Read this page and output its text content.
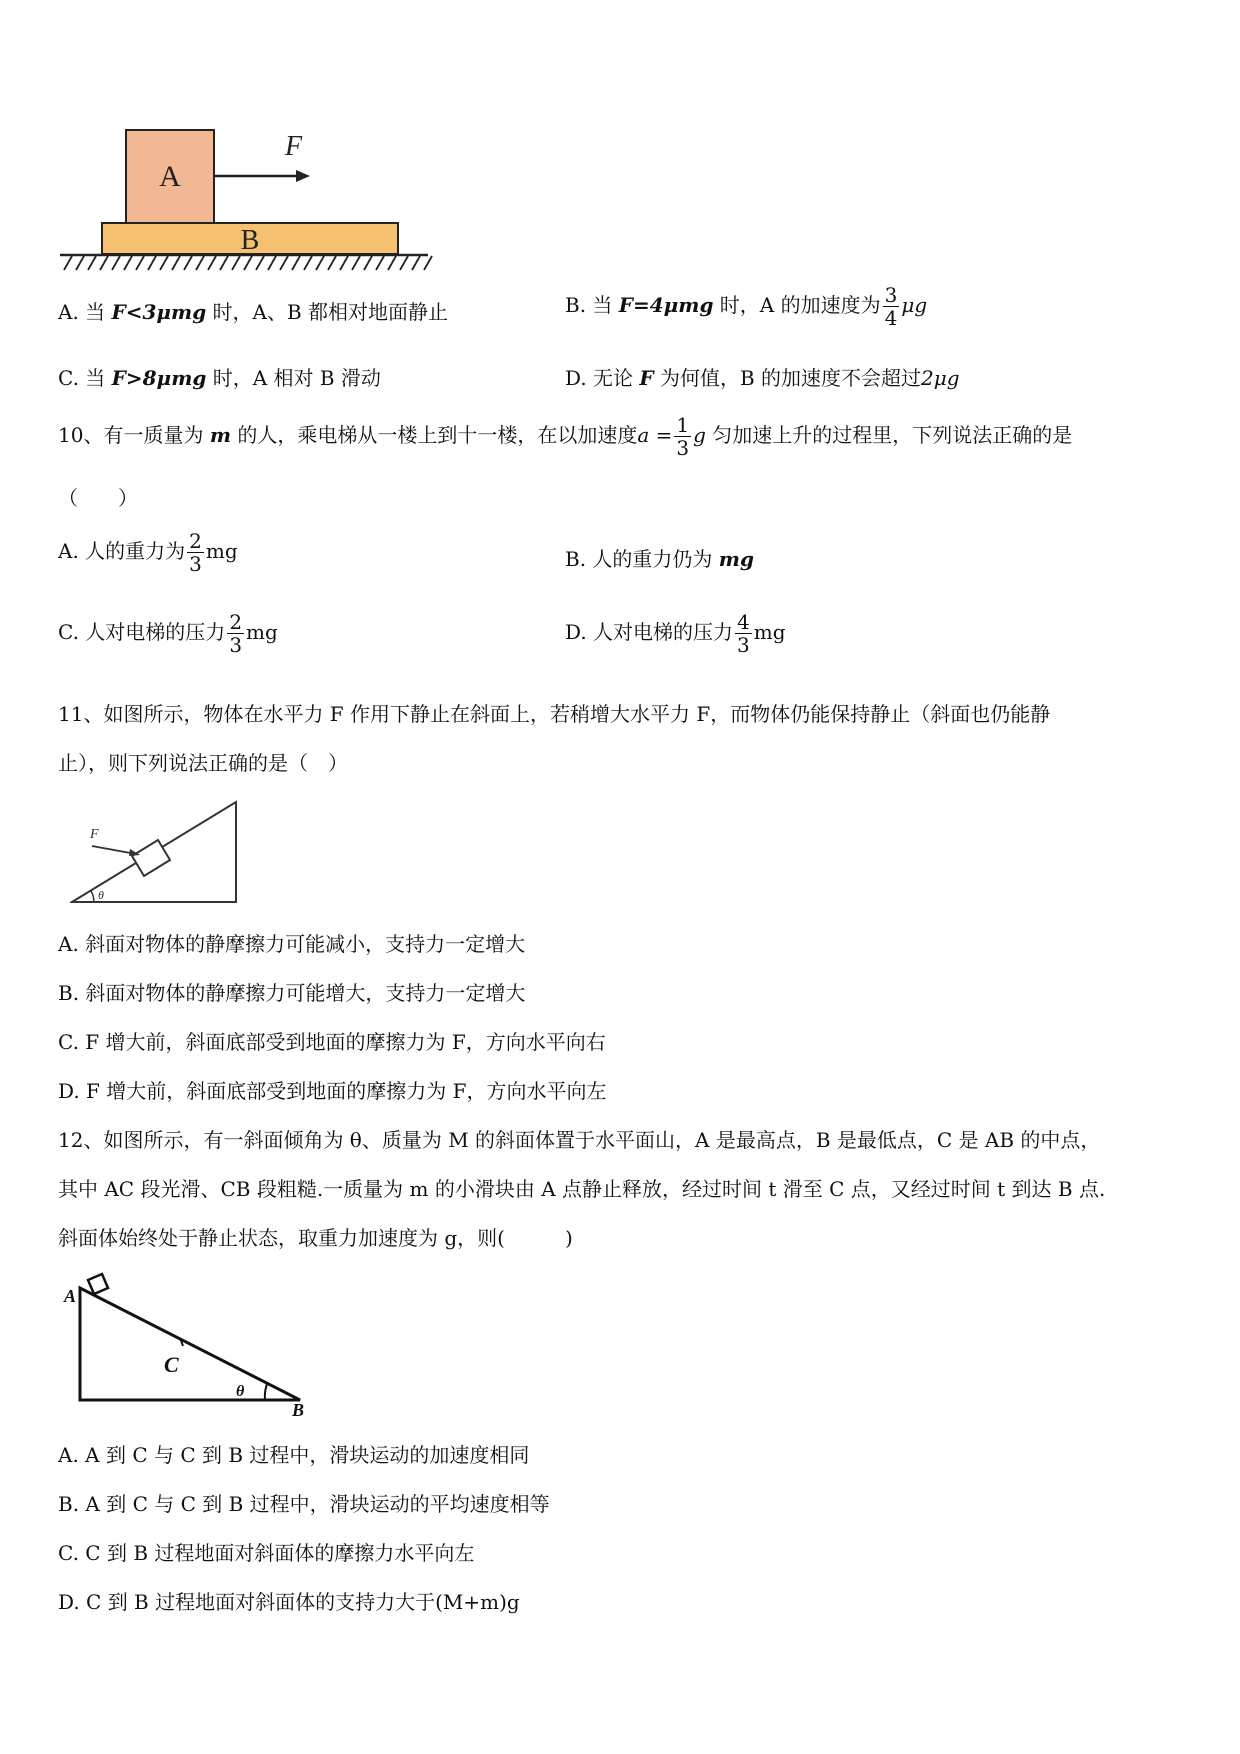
A
F
B
A. 当 F<3μmg 时，A、B 都相对地面静止	B. 当 F=4μmg 时，A 的加速度为 $\frac{3}{4}$ μg
C. 当 F>8μmg 时，A 相对 B 滑动	D. 无论 F 为何值，B 的加速度不会超过2μg
10、有一质量为 m 的人，乘电梯从一楼上到十一楼，在以加速度$a = \frac{1}{3}$ g 匀加速上升的过程里，下列说法正确的是
（　　）
A. 人的重力为 $\frac{2}{3}$ mg	B. 人的重力仍为 mg
C. 人对电梯的压力 $\frac{2}{3}$ mg	D. 人对电梯的压力 $\frac{4}{3}$ mg
11、如图所示，物体在水平力 F 作用下静止在斜面上，若稍增大水平力 F，而物体仍能保持静止（斜面也仍能静
止），则下列说法正确的是（　）
F
θ
A. 斜面对物体的静摩擦力可能减小，支持力一定增大
B. 斜面对物体的静摩擦力可能增大，支持力一定增大
C. F 增大前，斜面底部受到地面的摩擦力为 F，方向水平向右
D. F 增大前，斜面底部受到地面的摩擦力为 F，方向水平向左
12、如图所示，有一斜面倾角为 θ、质量为 M 的斜面体置于水平面山，A 是最高点，B 是最低点，C 是 AB 的中点，
其中 AC 段光滑、CB 段粗糙.一质量为 m 的小滑块由 A 点静止释放，经过时间 t 滑至 C 点，又经过时间 t 到达 B 点.
斜面体始终处于静止状态，取重力加速度为 g，则(　　　)
A
C
θ
B
A. A 到 C 与 C 到 B 过程中，滑块运动的加速度相同
B. A 到 C 与 C 到 B 过程中，滑块运动的平均速度相等
C. C 到 B 过程地面对斜面体的摩擦力水平向左
D. C 到 B 过程地面对斜面体的支持力大于(M+m)g
